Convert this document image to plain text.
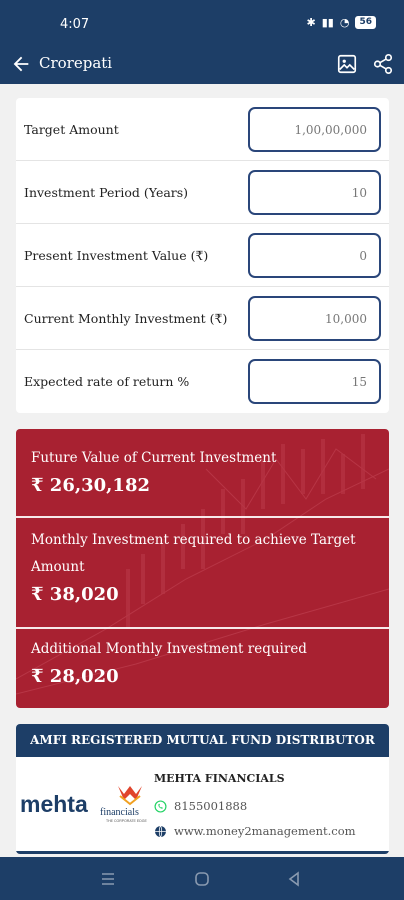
4:07	✱ ▮▮ ◔	56
Crorepati
Target Amount
1,00,00,000
Investment Period (Years)
10
Present Investment Value (₹)
0
Current Monthly Investment (₹)
10,000
Expected rate of return %
15
Future Value of Current Investment
₹ 26,30,182
Monthly Investment required to achieve Target Amount
₹ 38,020
Additional Monthly Investment required
₹ 28,020
AMFI REGISTERED MUTUAL FUND DISTRIBUTOR
mehta financials
THE CORPORATE EDGE
MEHTA FINANCIALS
8155001888
www.money2management.com
